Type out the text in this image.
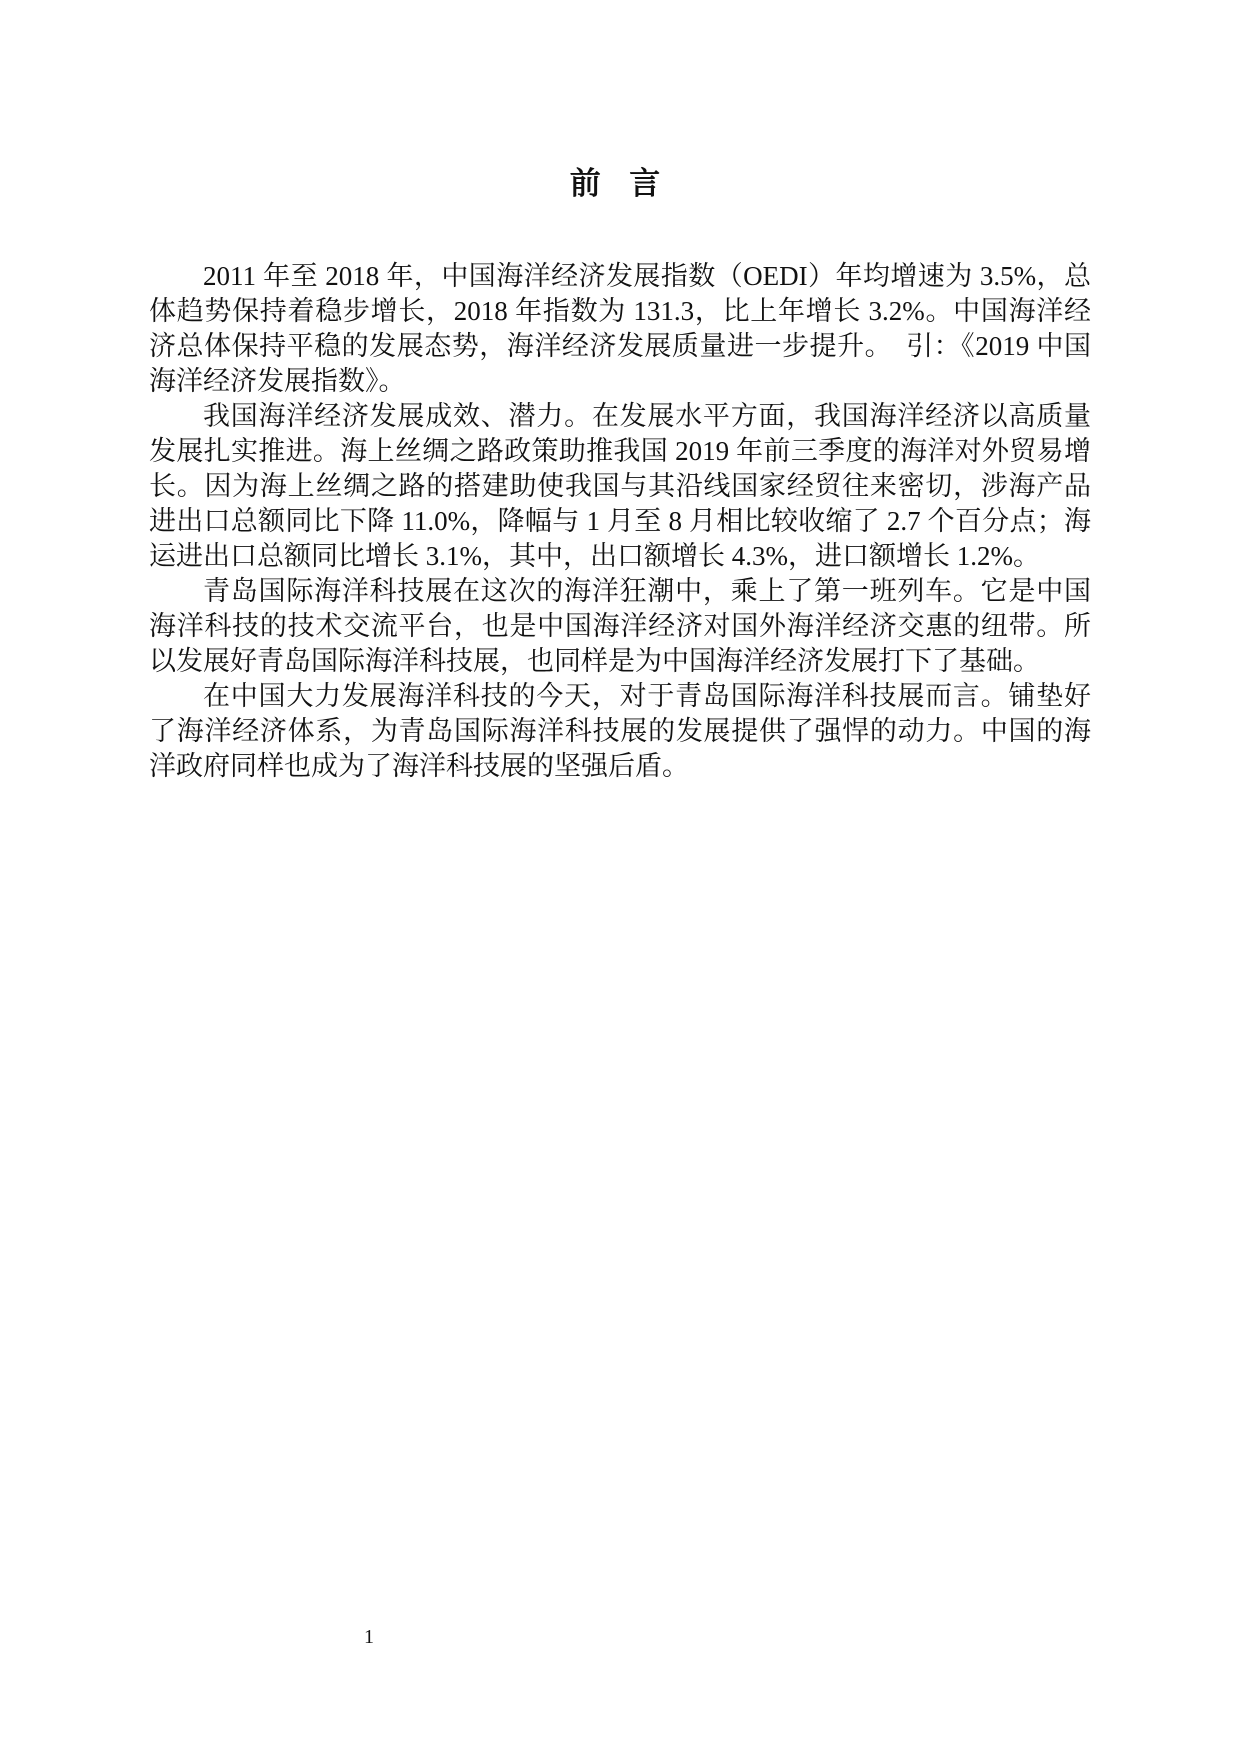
前 言

2011 年至 2018 年，中国海洋经济发展指数（OEDI）年均增速为 3.5%，总体趋势保持着稳步增长，2018 年指数为 131.3，比上年增长 3.2%。中国海洋经济总体保持平稳的发展态势，海洋经济发展质量进一步提升。　引：《2019 中国海洋经济发展指数》。

我国海洋经济发展成效、潜力。在发展水平方面，我国海洋经济以高质量发展扎实推进。海上丝绸之路政策助推我国 2019 年前三季度的海洋对外贸易增长。因为海上丝绸之路的搭建助使我国与其沿线国家经贸往来密切，涉海产品进出口总额同比下降 11.0%，降幅与 1 月至 8 月相比较收缩了 2.7 个百分点；海运进出口总额同比增长 3.1%，其中，出口额增长 4.3%，进口额增长 1.2%。

青岛国际海洋科技展在这次的海洋狂潮中，乘上了第一班列车。它是中国海洋科技的技术交流平台，也是中国海洋经济对国外海洋经济交惠的纽带。所以发展好青岛国际海洋科技展，也同样是为中国海洋经济发展打下了基础。

在中国大力发展海洋科技的今天，对于青岛国际海洋科技展而言。铺垫好了海洋经济体系，为青岛国际海洋科技展的发展提供了强悍的动力。中国的海洋政府同样也成为了海洋科技展的坚强后盾。

1
